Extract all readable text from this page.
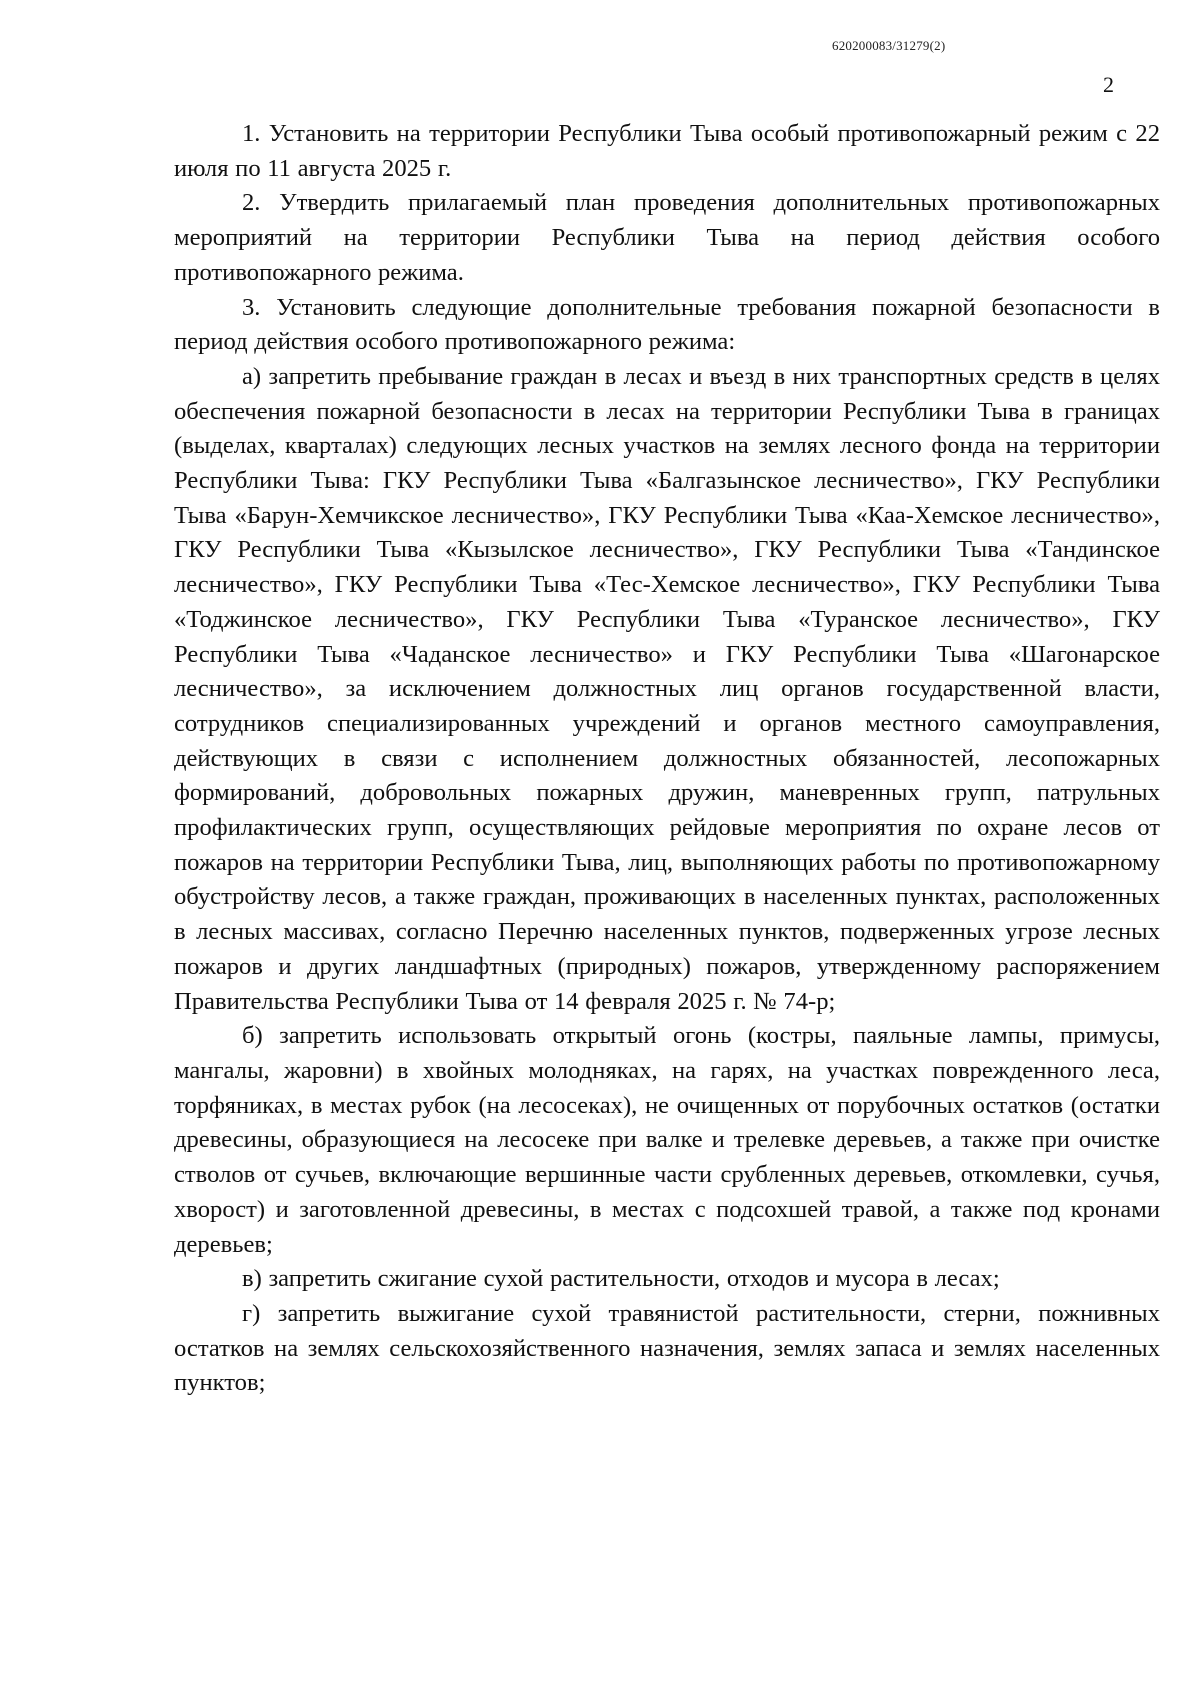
620200083/31279(2)
2

1. Установить на территории Республики Тыва особый противопожарный режим с 22 июля по 11 августа 2025 г.

2. Утвердить прилагаемый план проведения дополнительных противопожарных мероприятий на территории Республики Тыва на период действия особого противопожарного режима.

3. Установить следующие дополнительные требования пожарной безопасности в период действия особого противопожарного режима:

а) запретить пребывание граждан в лесах и въезд в них транспортных средств в целях обеспечения пожарной безопасности в лесах на территории Республики Тыва в границах (выделах, кварталах) следующих лесных участков на землях лесного фонда на территории Республики Тыва: ГКУ Республики Тыва «Балгазынское лесничество», ГКУ Республики Тыва «Барун-Хемчикское лесничество», ГКУ Республики Тыва «Каа-Хемское лесничество», ГКУ Республики Тыва «Кызылское лесничество», ГКУ Республики Тыва «Тандинское лесничество», ГКУ Республики Тыва «Тес-Хемское лесничество», ГКУ Республики Тыва «Тоджинское лесничество», ГКУ Республики Тыва «Туранское лесничество», ГКУ Республики Тыва «Чаданское лесничество» и ГКУ Республики Тыва «Шагонарское лесничество», за исключением должностных лиц органов государственной власти, сотрудников специализированных учреждений и органов местного самоуправления, действующих в связи с исполнением должностных обязанностей, лесопожарных формирований, добровольных пожарных дружин, маневренных групп, патрульных профилактических групп, осуществляющих рейдовые мероприятия по охране лесов от пожаров на территории Республики Тыва, лиц, выполняющих работы по противопожарному обустройству лесов, а также граждан, проживающих в населенных пунктах, расположенных в лесных массивах, согласно Перечню населенных пунктов, подверженных угрозе лесных пожаров и других ландшафтных (природных) пожаров, утвержденному распоряжением Правительства Республики Тыва от 14 февраля 2025 г. № 74-р;

б) запретить использовать открытый огонь (костры, паяльные лампы, примусы, мангалы, жаровни) в хвойных молодняках, на гарях, на участках поврежденного леса, торфяниках, в местах рубок (на лесосеках), не очищенных от порубочных остатков (остатки древесины, образующиеся на лесосеке при валке и трелевке деревьев, а также при очистке стволов от сучьев, включающие вершинные части срубленных деревьев, откомлевки, сучья, хворост) и заготовленной древесины, в местах с подсохшей травой, а также под кронами деревьев;

в) запретить сжигание сухой растительности, отходов и мусора в лесах;

г) запретить выжигание сухой травянистой растительности, стерни, пожнивных остатков на землях сельскохозяйственного назначения, землях запаса и землях населенных пунктов;
